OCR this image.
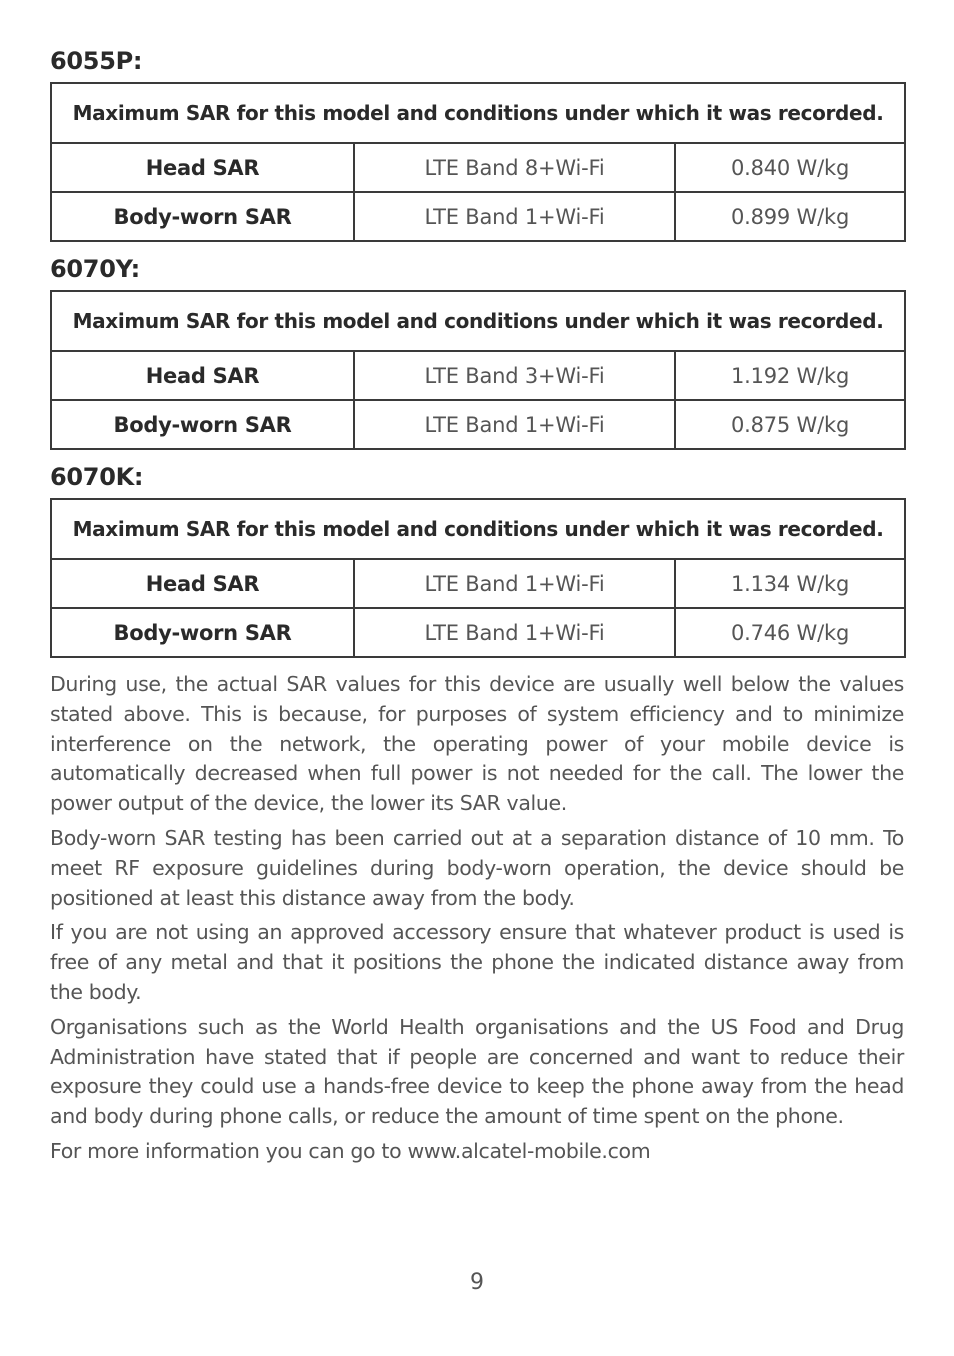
6055P:
Maximum SAR for this model and conditions under which it was recorded.		
Head SAR	LTE Band 8+Wi-Fi	0.840 W/kg
Body-worn SAR	LTE Band 1+Wi-Fi	0.899 W/kg
6070Y:
Maximum SAR for this model and conditions under which it was recorded.		
Head SAR	LTE Band 3+Wi-Fi	1.192 W/kg
Body-worn SAR	LTE Band 1+Wi-Fi	0.875 W/kg
6070K:
Maximum SAR for this model and conditions under which it was recorded.		
Head SAR	LTE Band 1+Wi-Fi	1.134 W/kg
Body-worn SAR	LTE Band 1+Wi-Fi	0.746 W/kg

During use, the actual SAR values for this device are usually well below the values stated above. This is because, for purposes of system efficiency and to minimize interference on the network, the operating power of your mobile device is automatically decreased when full power is not needed for the call. The lower the power output of the device, the lower its SAR value.

Body-worn SAR testing has been carried out at a separation distance of 10 mm. To meet RF exposure guidelines during body-worn operation, the device should be positioned at least this distance away from the body.

If you are not using an approved accessory ensure that whatever product is used is free of any metal and that it positions the phone the indicated distance away from the body.

Organisations such as the World Health organisations and the US Food and Drug Administration have stated that if people are concerned and want to reduce their exposure they could use a hands-free device to keep the phone away from the head and body during phone calls, or reduce the amount of time spent on the phone.

For more information you can go to www.alcatel-mobile.com

9
